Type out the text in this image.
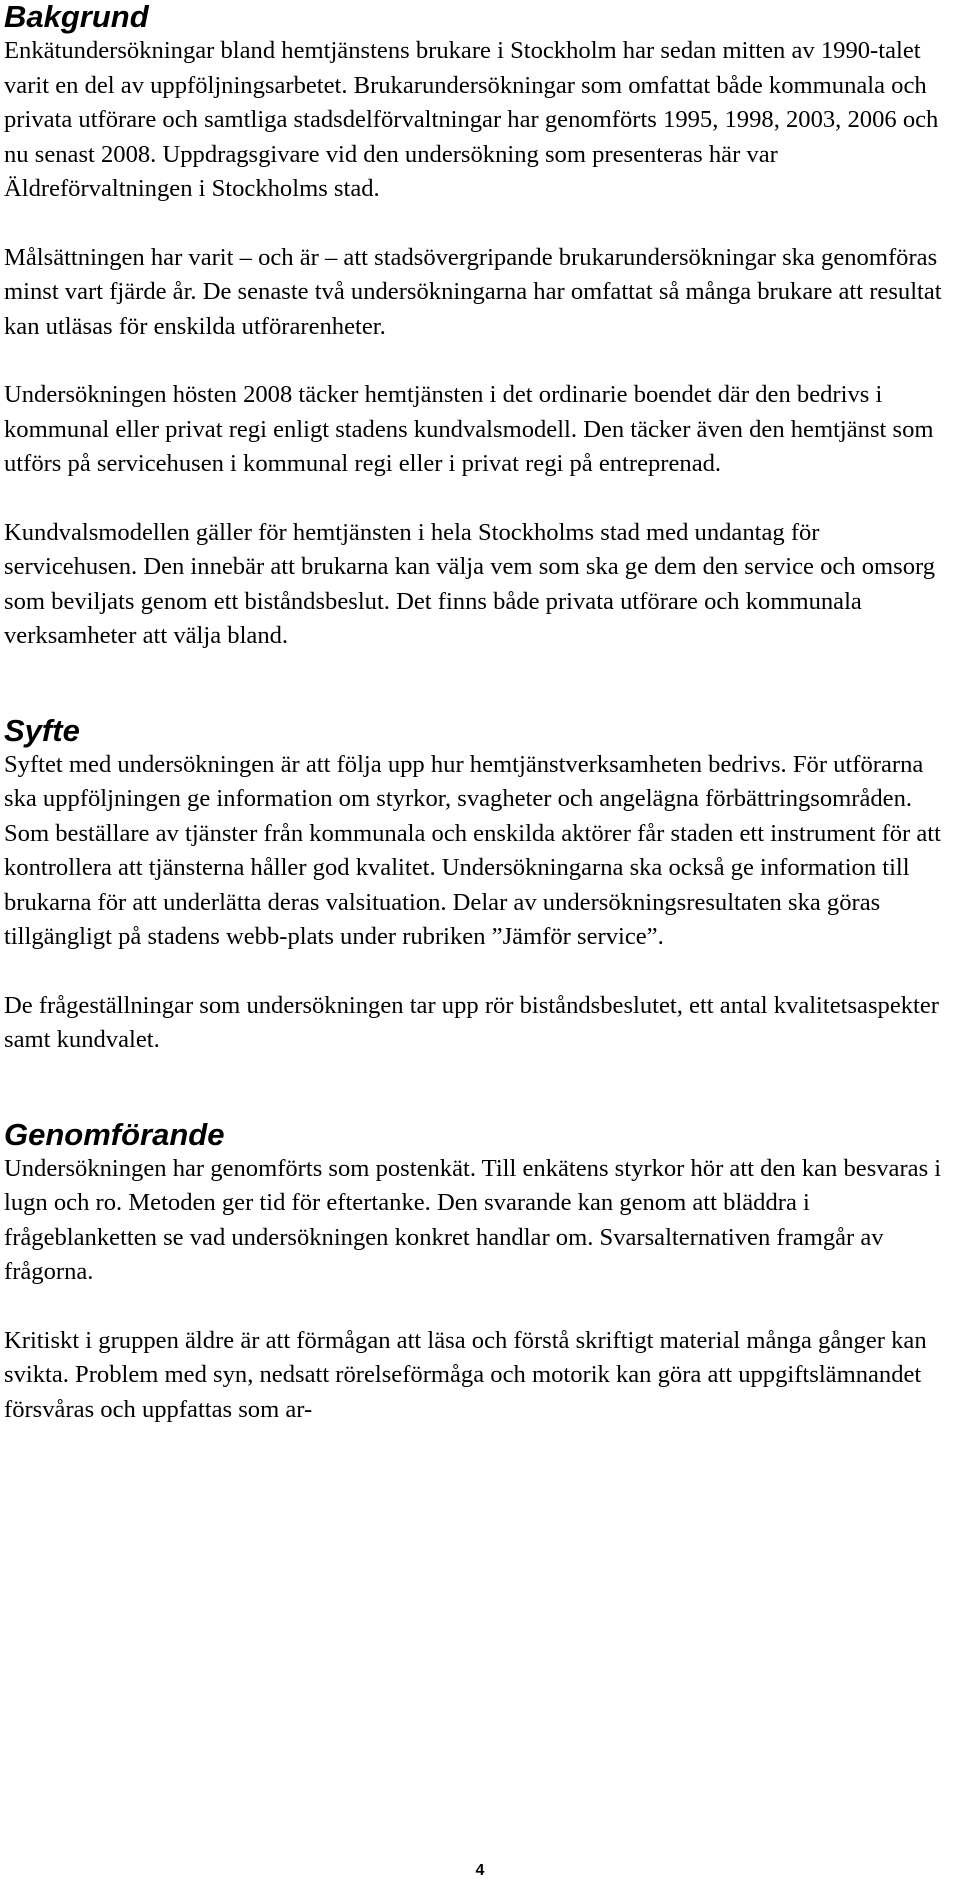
Bakgrund

Enkätundersökningar bland hemtjänstens brukare i Stockholm har sedan mitten av 1990-talet varit en del av uppföljningsarbetet. Brukarundersökningar som omfattat både kommunala och privata utförare och samtliga stadsdelförvaltningar har genomförts 1995, 1998, 2003, 2006 och nu senast 2008. Uppdragsgivare vid den undersökning som presenteras här var Äldreförvaltningen i Stockholms stad.

Målsättningen har varit – och är – att stadsövergripande brukarundersökningar ska genomföras minst vart fjärde år. De senaste två undersökningarna har omfattat så många brukare att resultat kan utläsas för enskilda utförarenheter.

Undersökningen hösten 2008 täcker hemtjänsten i det ordinarie boendet där den bedrivs i kommunal eller privat regi enligt stadens kundvalsmodell. Den täcker även den hemtjänst som utförs på servicehusen i kommunal regi eller i privat regi på entreprenad.

Kundvalsmodellen gäller för hemtjänsten i hela Stockholms stad med undantag för servicehusen. Den innebär att brukarna kan välja vem som ska ge dem den service och omsorg som beviljats genom ett biståndsbeslut. Det finns både privata utförare och kommunala verksamheter att välja bland.

Syfte

Syftet med undersökningen är att följa upp hur hemtjänstverksamheten bedrivs. För utförarna ska uppföljningen ge information om styrkor, svagheter och angelägna förbättringsområden. Som beställare av tjänster från kommunala och enskilda aktörer får staden ett instrument för att kontrollera att tjänsterna håller god kvalitet. Undersökningarna ska också ge information till brukarna för att underlätta deras valsituation. Delar av undersökningsresultaten ska göras tillgängligt på stadens webb-plats under rubriken ”Jämför service”.

De frågeställningar som undersökningen tar upp rör biståndsbeslutet, ett antal kvalitetsaspekter samt kundvalet.

Genomförande

Undersökningen har genomförts som postenkät. Till enkätens styrkor hör att den kan besvaras i lugn och ro. Metoden ger tid för eftertanke. Den svarande kan genom att bläddra i frågeblanketten se vad undersökningen konkret handlar om. Svarsalternativen framgår av frågorna.

Kritiskt i gruppen äldre är att förmågan att läsa och förstå skriftigt material många gånger kan svikta. Problem med syn, nedsatt rörelseförmåga och motorik kan göra att uppgiftslämnandet försvåras och uppfattas som ar-

4
